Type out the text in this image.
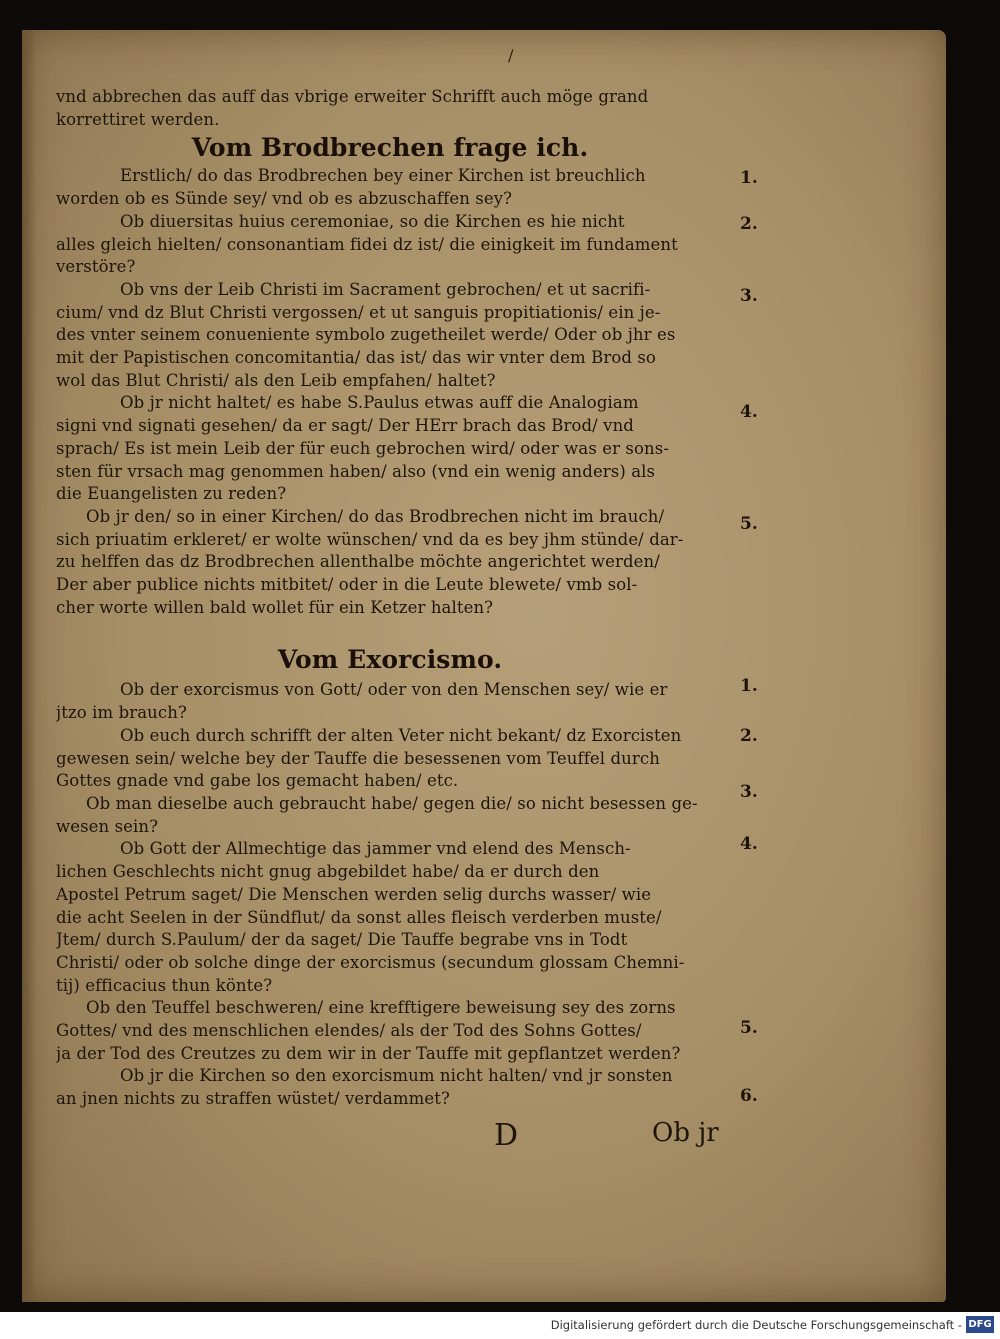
/
vnd abbrechen das auff das vbrige erweiter Schrifft auch möge grand
korrettiret werden.
Vom Brodbrechen frage ich.
Erstlich/ do das Brodbrechen bey einer Kirchen ist breuchlich
worden ob es Sünde sey/ vnd ob es abzuschaffen sey?
Ob diuersitas huius ceremoniae, so die Kirchen es hie nicht
alles gleich hielten/ consonantiam fidei dz ist/ die einigkeit im fundament
verstöre?
Ob vns der Leib Christi im Sacrament gebrochen/ et ut sacrifi-
cium/ vnd dz Blut Christi vergossen/ et ut sanguis propitiationis/ ein je-
des vnter seinem conueniente symbolo zugetheilet werde/ Oder ob jhr es
mit der Papistischen concomitantia/ das ist/ das wir vnter dem Brod so
wol das Blut Christi/ als den Leib empfahen/ haltet?
Ob jr nicht haltet/ es habe S.Paulus etwas auff die Analogiam
signi vnd signati gesehen/ da er sagt/ Der HErr brach das Brod/ vnd
sprach/ Es ist mein Leib der für euch gebrochen wird/ oder was er sons-
sten für vrsach mag genommen haben/ also (vnd ein wenig anders) als
die Euangelisten zu reden?
Ob jr den/ so in einer Kirchen/ do das Brodbrechen nicht im brauch/
sich priuatim erkleret/ er wolte wünschen/ vnd da es bey jhm stünde/ dar-
zu helffen das dz Brodbrechen allenthalbe möchte angerichtet werden/
Der aber publice nichts mitbitet/ oder in die Leute blewete/ vmb sol-
cher worte willen bald wollet für ein Ketzer halten?
Vom Exorcismo.
Ob der exorcismus von Gott/ oder von den Menschen sey/ wie er
jtzo im brauch?
Ob euch durch schrifft der alten Veter nicht bekant/ dz Exorcisten
gewesen sein/ welche bey der Tauffe die besessenen vom Teuffel durch
Gottes gnade vnd gabe los gemacht haben/ etc.
Ob man dieselbe auch gebraucht habe/ gegen die/ so nicht besessen ge-
wesen sein?
Ob Gott der Allmechtige das jammer vnd elend des Mensch-
lichen Geschlechts nicht gnug abgebildet habe/ da er durch den
Apostel Petrum saget/ Die Menschen werden selig durchs wasser/ wie
die acht Seelen in der Sündflut/ da sonst alles fleisch verderben muste/
Jtem/ durch S.Paulum/ der da saget/ Die Tauffe begrabe vns in Todt
Christi/ oder ob solche dinge der exorcismus (secundum glossam Chemni-
tij) efficacius thun könte?
Ob den Teuffel beschweren/ eine krefftigere beweisung sey des zorns
Gottes/ vnd des menschlichen elendes/ als der Tod des Sohns Gottes/
ja der Tod des Creutzes zu dem wir in der Tauffe mit gepflantzet werden?
Ob jr die Kirchen so den exorcismum nicht halten/ vnd jr sonsten
an jnen nichts zu straffen wüstet/ verdammet?
1.
2.
3.
4.
5.
1.
2.
3.
4.
5.
6.
D	Ob jr
Digitalisierung gefördert durch die Deutsche Forschungsgemeinschaft - DFG
